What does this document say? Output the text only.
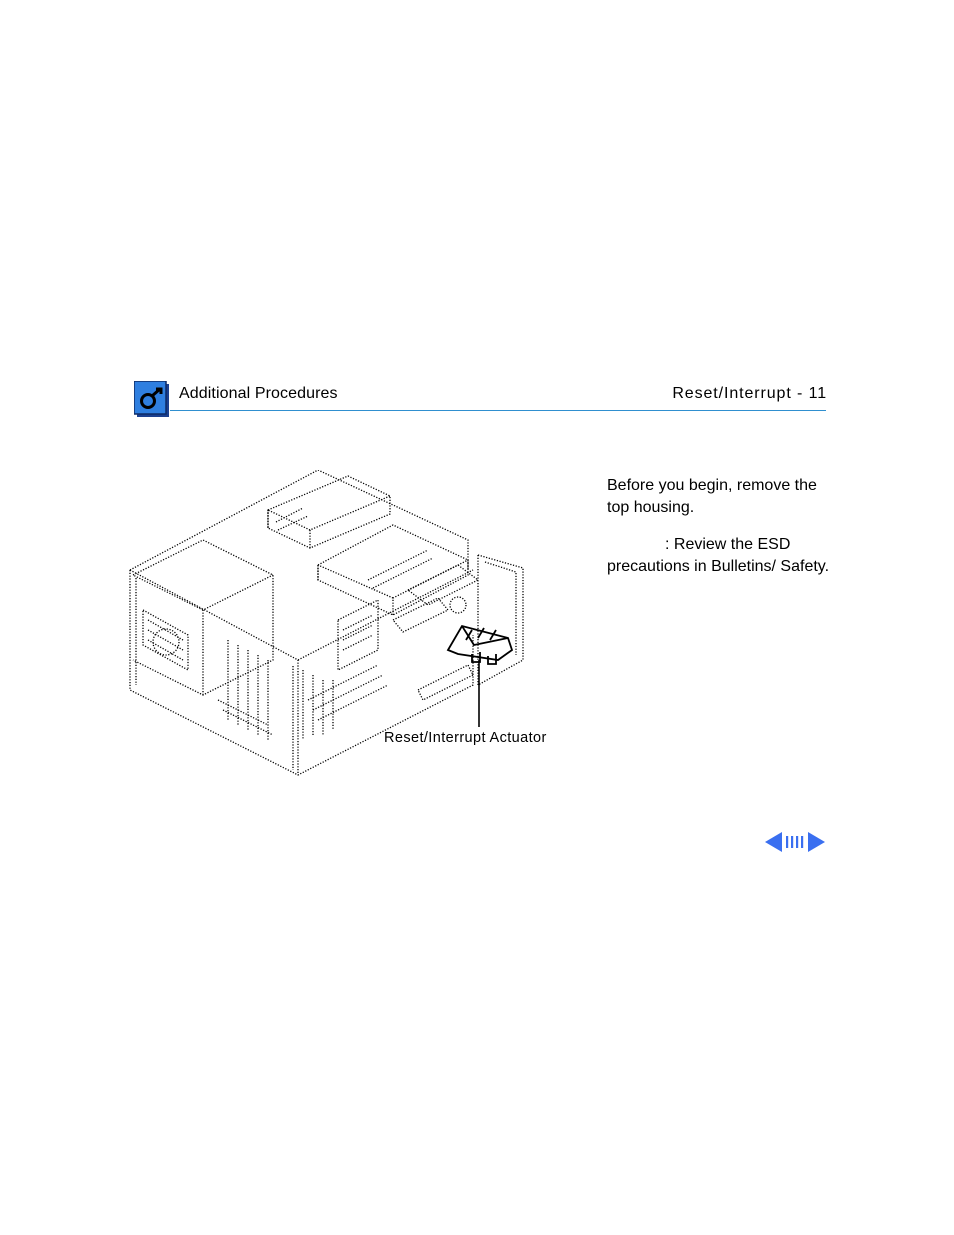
Additional Procedures	Reset/Interrupt - 11
Reset/Interrupt Actuator

Before you begin, remove the top housing.

: Review the ESD precautions in Bulletins/ Safety.
